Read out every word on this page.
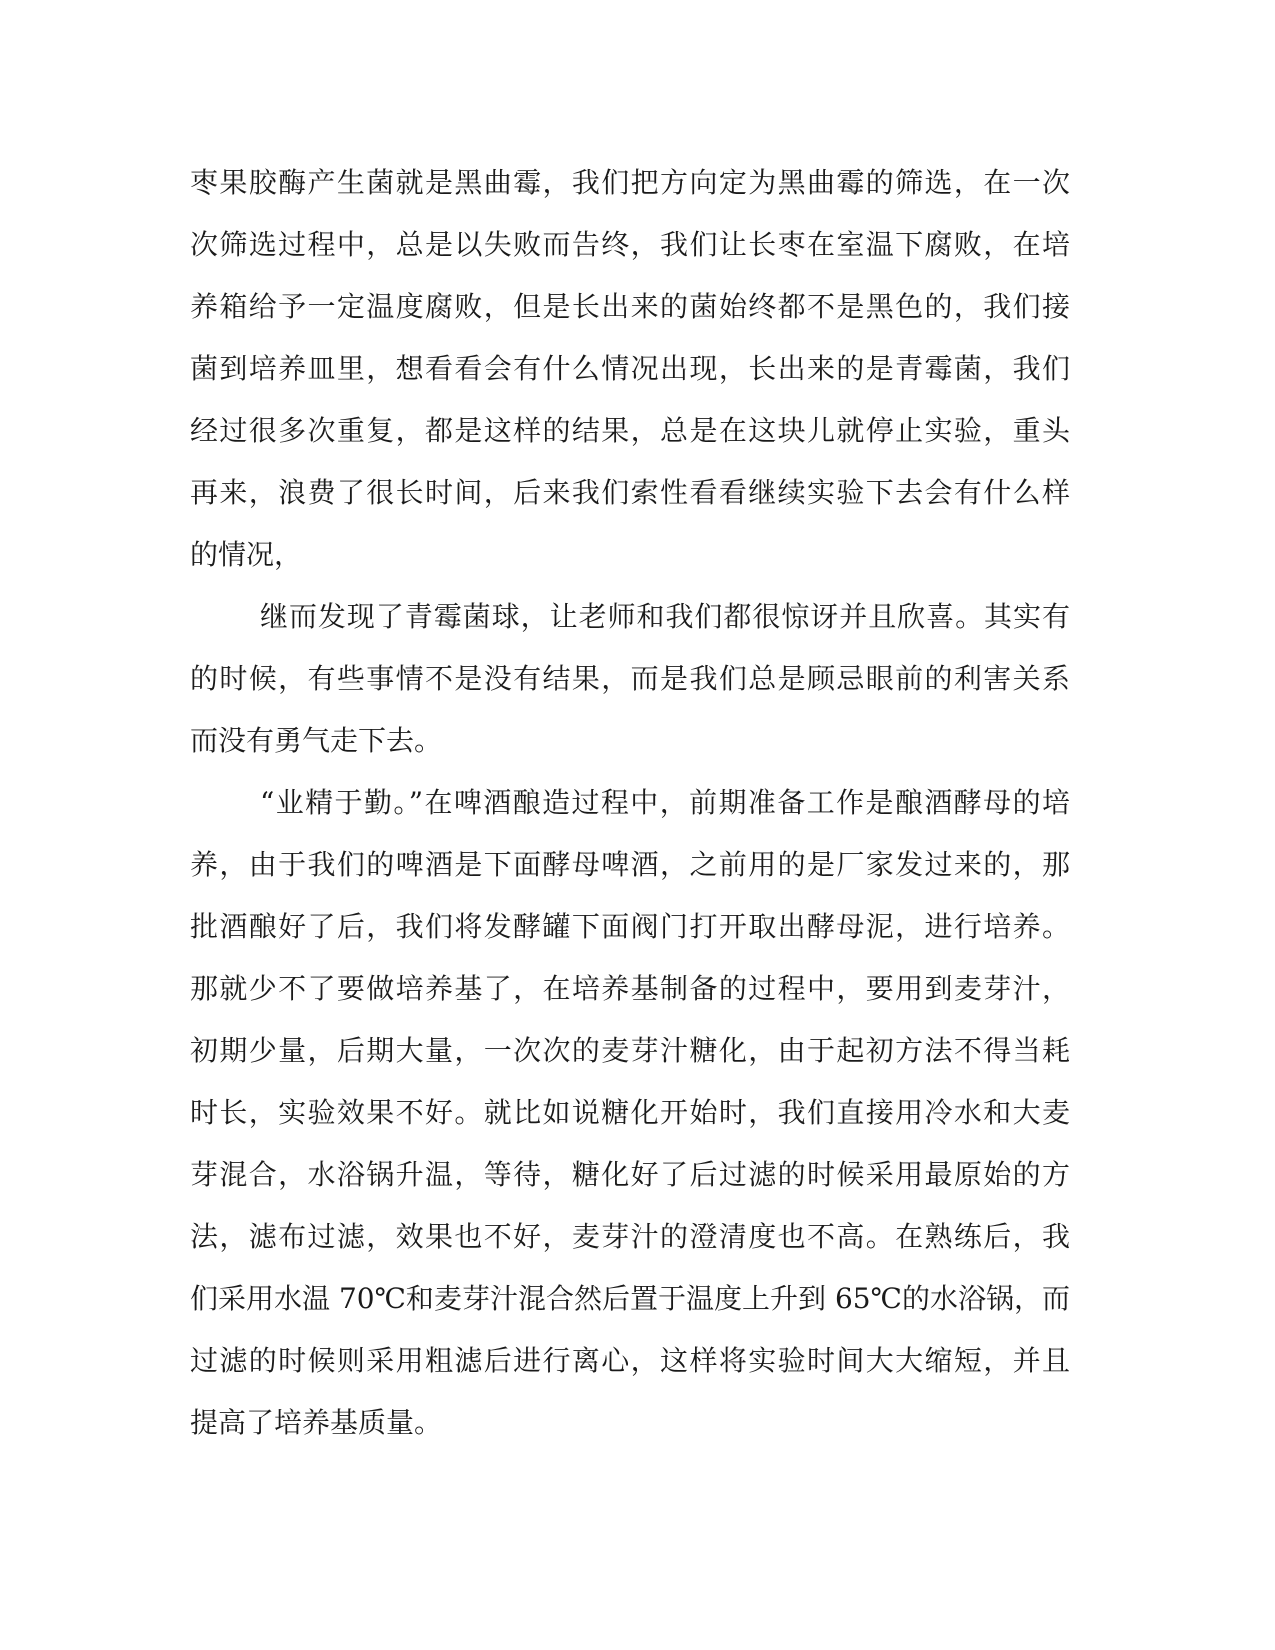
枣果胶酶产生菌就是黑曲霉，我们把方向定为黑曲霉的筛选，在一次
次筛选过程中，总是以失败而告终，我们让长枣在室温下腐败，在培
养箱给予一定温度腐败，但是长出来的菌始终都不是黑色的，我们接
菌到培养皿里，想看看会有什么情况出现，长出来的是青霉菌，我们
经过很多次重复，都是这样的结果，总是在这块儿就停止实验，重头
再来，浪费了很长时间，后来我们索性看看继续实验下去会有什么样
的情况，
继而发现了青霉菌球，让老师和我们都很惊讶并且欣喜。其实有
的时候，有些事情不是没有结果，而是我们总是顾忌眼前的利害关系
而没有勇气走下去。
“业精于勤。”在啤酒酿造过程中，前期准备工作是酿酒酵母的培
养，由于我们的啤酒是下面酵母啤酒，之前用的是厂家发过来的，那
批酒酿好了后，我们将发酵罐下面阀门打开取出酵母泥，进行培养。
那就少不了要做培养基了，在培养基制备的过程中，要用到麦芽汁，
初期少量，后期大量，一次次的麦芽汁糖化，由于起初方法不得当耗
时长，实验效果不好。就比如说糖化开始时，我们直接用冷水和大麦
芽混合，水浴锅升温，等待，糖化好了后过滤的时候采用最原始的方
法，滤布过滤，效果也不好，麦芽汁的澄清度也不高。在熟练后，我
们采用水温 70℃和麦芽汁混合然后置于温度上升到 65℃的水浴锅，而
过滤的时候则采用粗滤后进行离心，这样将实验时间大大缩短，并且
提高了培养基质量。
